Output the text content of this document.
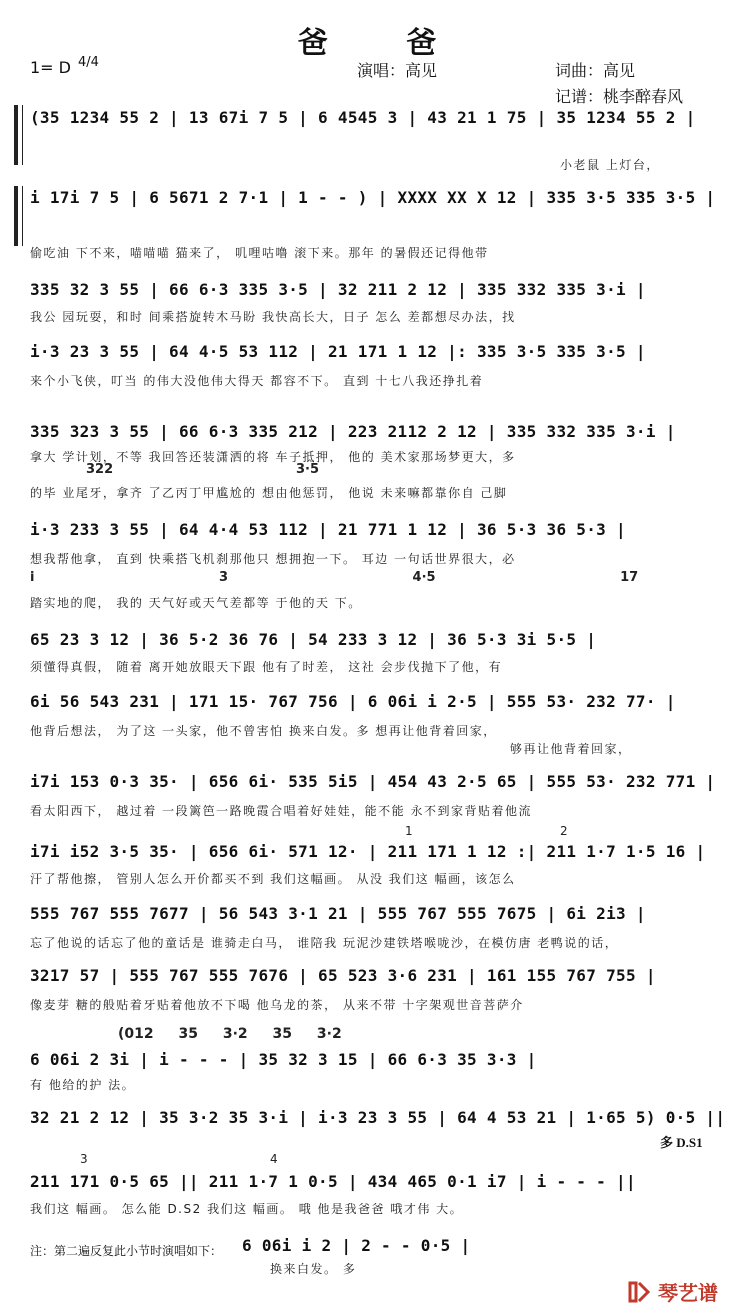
爸 爸
1= D 4/4	演唱：高见	词曲：高见
记谱：桃李醉春风
(35 1234 55 2 | 13 67i 7 5 | 6 4545 3 | 43 21 1 75 | 35 1234 55 2 |
小老鼠 上灯台，
i 17i 7 5 | 6 5671 2 7·1 | 1 - - ) | XXXX XX X 12 | 335 3·5 335 3·5 |
偷吃油 下不来，喵喵喵 猫来了， 叽哩咕噜 滚下来。那年 的暑假还记得他带
335 32 3 55 | 66 6·3 335 3·5 | 32 211 2 12 | 335 332 335 3·i |
我公 园玩耍，和时 间乘搭旋转木马盼 我快高长大，日子 怎么 差都想尽办法，找
i·3 23 3 55 | 64 4·5 53 112 | 21 171 1 12 |: 335 3·5 335 3·5 |
来个小飞侠，叮当 的伟大没他伟大得天 都容不下。 直到 十七八我还挣扎着
335 323 3 55 | 66 6·3 335 212 | 223 2112 2 12 | 335 332 335 3·i |
拿大 学计划，不等 我回答还装潇洒的将 车子抵押， 他的 美术家那场梦更大，多
322	3·5
的毕 业尾牙，拿齐 了乙丙丁甲尴尬的 想由他惩罚， 他说 未来嘛都靠你自 己脚
i·3 233 3 55 | 64 4·4 53 112 | 21 771 1 12 | 36 5·3 36 5·3 |
想我帮他拿， 直到 快乘搭飞机刹那他只 想拥抱一下。 耳边 一句话世界很大，必
i 3 4·5 17
踏实地的爬， 我的 天气好或天气差都等 于他的天 下。
65 23 3 12 | 36 5·2 36 76 | 54 233 3 12 | 36 5·3 3i 5·5 |
须懂得真假， 随着 离开她放眼天下跟 他有了时差， 这社 会步伐抛下了他，有
6i 56 543 231 | 171 15· 767 756 | 6 06i i 2·5 | 555 53· 232 77· |
他背后想法， 为了这 一头家，他不曾害怕 换来白发。多 想再让他背着回家，
够再让他背着回家，
i7i 153 0·3 35· | 656 6i· 535 5i5 | 454 43 2·5 65 | 555 53· 232 771 |
看太阳西下， 越过着 一段篱笆一路晚霞合唱着好娃娃，能不能 永不到家背贴着他流
1	2
i7i i52 3·5 35· | 656 6i· 571 12· | 211 171 1 12 :| 211 1·7 1·5 16 |
汗了帮他擦， 管别人怎么开价都买不到 我们这幅画。 从没 我们这 幅画，该怎么
555 767 555 7677 | 56 543 3·1 21 | 555 767 555 7675 | 6i 2i3 |
忘了他说的话忘了他的童话是 谁骑走白马， 谁陪我 玩泥沙建铁塔喉咙沙，在模仿唐 老鸭说的话，
3217 57 | 555 767 555 7676 | 65 523 3·6 231 | 161 155 767 755 |
像麦芽 糖的般贴着牙贴着他放不下喝 他乌龙的茶， 从来不带 十字架观世音菩萨介
(012 35 3·2 35 3·2
6 06i 2 3i | i - - - | 35 32 3 15 | 66 6·3 35 3·3 |
有 他给的护 法。
32 21 2 12 | 35 3·2 35 3·i | i·3 23 3 55 | 64 4 53 21 | 1·65 5) 0·5 ||
多 D.S1
3	4
211 171 0·5 65 || 211 1·7 1 0·5 | 434 465 0·1 i7 | i - - - ||
我们这 幅画。 怎么能 D.S2 我们这 幅画。 哦 他是我爸爸 哦才伟 大。
注：第二遍反复此小节时演唱如下： 6 06i i 2 | 2 - - 0·5 |
换来白发。 多
琴艺谱
